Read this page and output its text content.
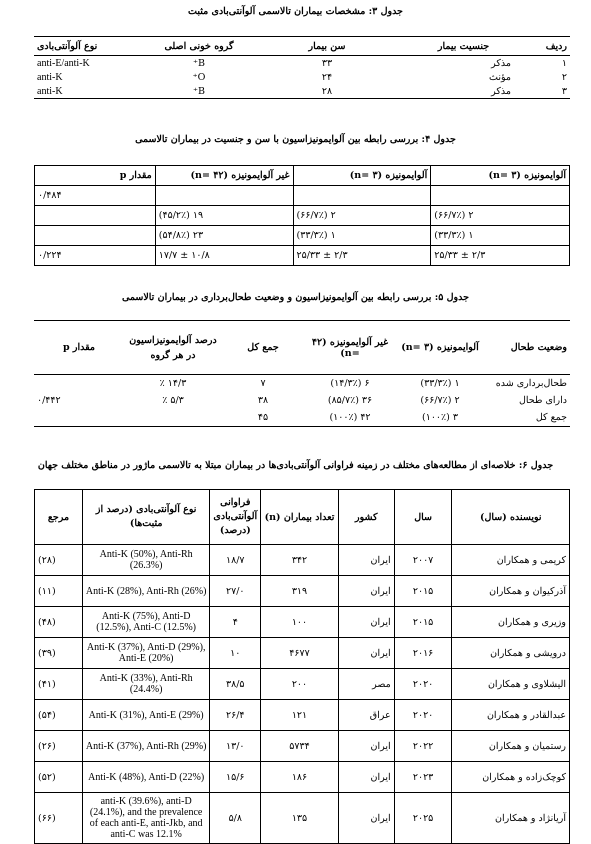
جدول ۳: مشخصات بیماران تالاسمی آلوآنتی‌بادی مثبت
ردیف	جنسیت بیمار	سن بیمار	گروه خونی اصلی	نوع آلوآنتی‌بادی
۱	مذکر	۳۳	B⁺	anti-E/anti-K
۲	مؤنث	۲۴	O⁺	anti-K
۳	مذکر	۲۸	B⁺	anti-K
جدول ۴: بررسی رابطه بین آلوایمونیزاسیون با سن و جنسیت در بیماران تالاسمی
آلوایمونیزه (۳ =n)	آلوایمونیزه (۳ =n)	غیر آلوایمونیزه (۴۲ =n)	مقدار p
			۰/۴۸۴
۲ (۶۶/۷٪)	۲ (۶۶/۷٪)	۱۹ (۴۵/۲٪)	
۱ (۳۳/۳٪)	۱ (۳۳/۳٪)	۲۳ (۵۴/۸٪)	
۲/۳ ± ۲۵/۳۳	۲/۳ ± ۲۵/۳۳	۱۰/۸ ± ۱۷/۷	۰/۲۲۴
جدول ۵: بررسی رابطه بین آلوایمونیزاسیون و وضعیت طحال‌برداری در بیماران تالاسمی
وضعیت طحال	آلوایمونیزه (۳ =n)	غیر آلوایمونیزه (۴۲ =n)	جمع کل	درصد آلوایمونیزاسیون در هر گروه	مقدار p
طحال‌برداری شده	۱ (۳۳/۳٪)	۶ (۱۴/۳٪)	۷	۱۴/۳ ٪	
دارای طحال	۲ (۶۶/۷٪)	۳۶ (۸۵/۷٪)	۳۸	۵/۳ ٪	۰/۴۴۲
جمع کل	۳ (۱۰۰٪)	۴۲ (۱۰۰٪)	۴۵		
جدول ۶: خلاصه‌ای از مطالعه‌های مختلف در زمینه فراوانی آلوآنتی‌بادی‌ها در بیماران مبتلا به تالاسمی ماژور در مناطق مختلف جهان
نویسنده (سال)	سال	کشور	تعداد بیماران (n)	فراوانی آلوآنتی‌بادی (درصد)	نوع آلوآنتی‌بادی (درصد از مثبت‌ها)	مرجع
کریمی و همکاران	۲۰۰۷	ایران	۳۴۲	۱۸/۷	Anti-K (50%), Anti-Rh (26.3%)	(۲۸)
آذرکیوان و همکاران	۲۰۱۵	ایران	۳۱۹	۲۷/۰	Anti-K (28%), Anti-Rh (26%)	(۱۱)
وزیری و همکاران	۲۰۱۵	ایران	۱۰۰	۴	Anti-K (75%), Anti-D (12.5%), Anti-C (12.5%)	(۴۸)
درویشی و همکاران	۲۰۱۶	ایران	۴۶۷۷	۱۰	Anti-K (37%), Anti-D (29%), Anti-E (20%)	(۳۹)
الیشلاوی و همکاران	۲۰۲۰	مصر	۲۰۰	۳۸/۵	Anti-K (33%), Anti-Rh (24.4%)	(۴۱)
عبدالقادر و همکاران	۲۰۲۰	عراق	۱۲۱	۲۶/۴	Anti-K (31%), Anti-E (29%)	(۵۴)
رستمیان و همکاران	۲۰۲۲	ایران	۵۷۳۴	۱۳/۰	Anti-K (37%), Anti-Rh (29%)	(۲۶)
کوچک‌زاده و همکاران	۲۰۲۳	ایران	۱۸۶	۱۵/۶	Anti-K (48%), Anti-D (22%)	(۵۲)
آریانژاد و همکاران	۲۰۲۵	ایران	۱۳۵	۵/۸	anti-K (39.6%), anti-D (24.1%), and the prevalence of each anti-E, anti-Jkb, and anti-C was 12.1%	(۶۶)
